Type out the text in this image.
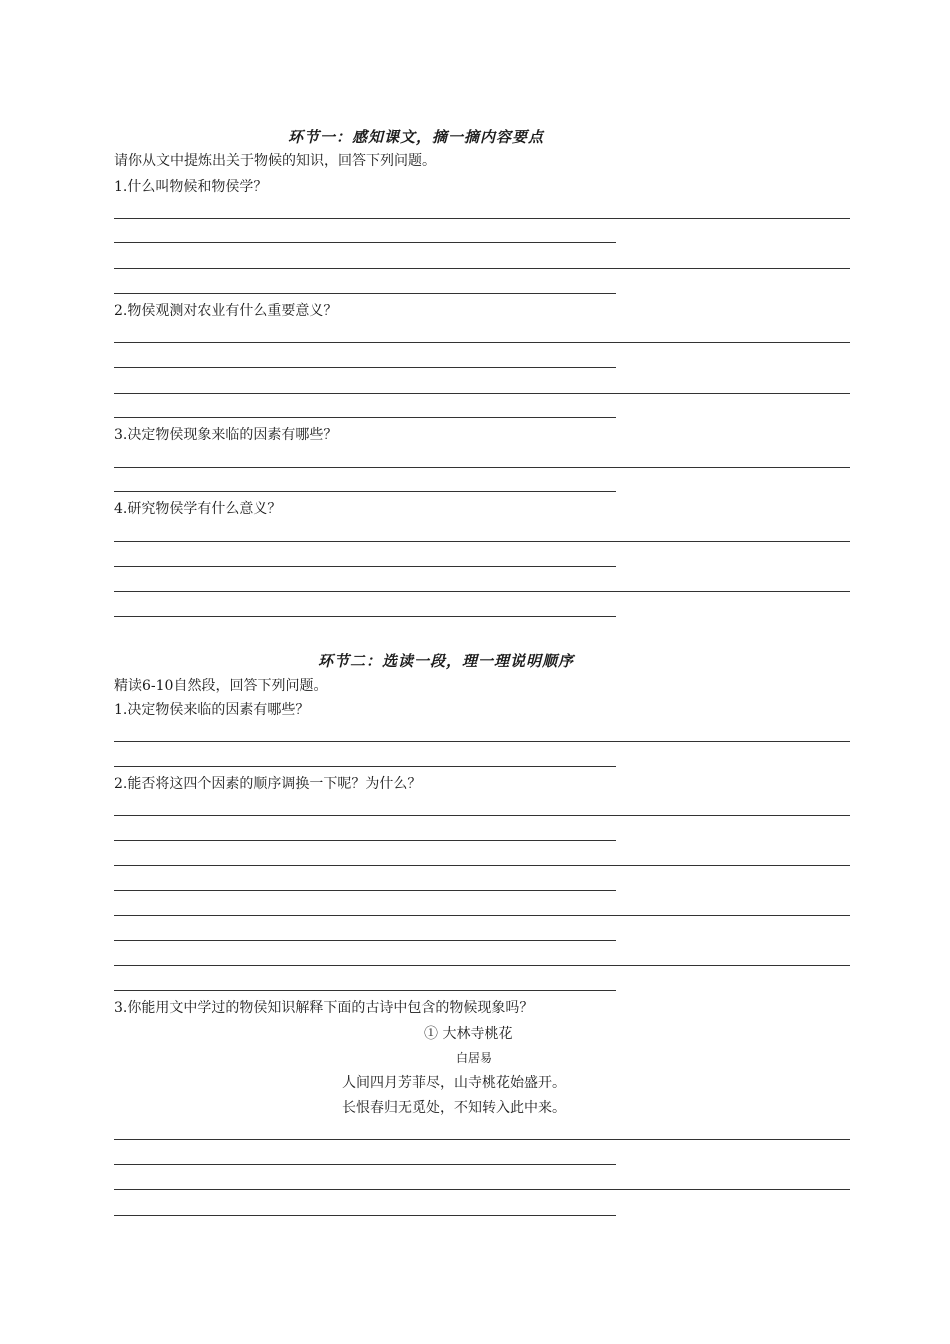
环节一：感知课文，摘一摘内容要点
请你从文中提炼出关于物候的知识，回答下列问题。
1.什么叫物候和物侯学？
2.物侯观测对农业有什么重要意义？
3.决定物侯现象来临的因素有哪些？
4.研究物侯学有什么意义？
环节二：选读一段，理一理说明顺序
精读6-10自然段，回答下列问题。
1.决定物侯来临的因素有哪些？
2.能否将这四个因素的顺序调换一下呢？为什么？
3.你能用文中学过的物侯知识解释下面的古诗中包含的物候现象吗？
① 大林寺桃花
白居易
人间四月芳菲尽，山寺桃花始盛开。
长恨春归无觅处，不知转入此中来。
